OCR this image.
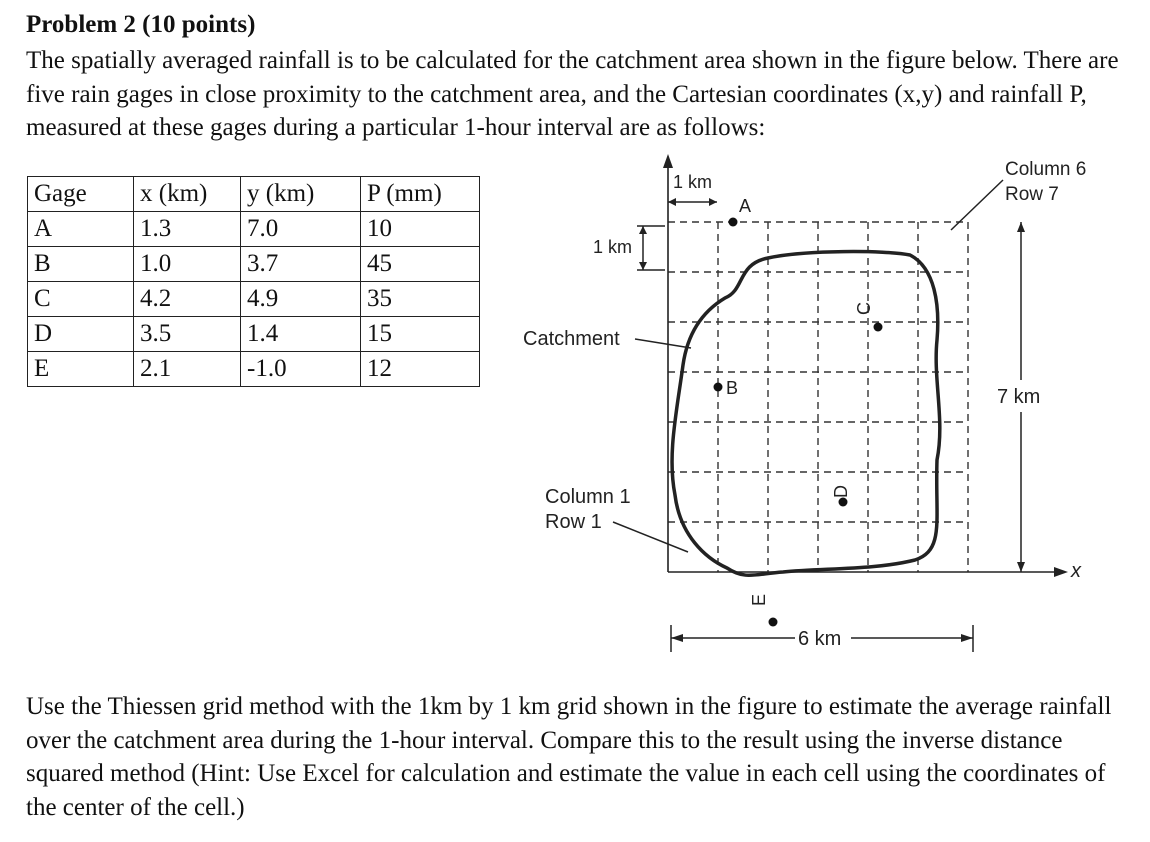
Problem 2 (10 points)
The spatially averaged rainfall is to be calculated for the catchment area shown in the figure below. There are five rain gages in close proximity to the catchment area, and the Cartesian coordinates (x,y) and rainfall P, measured at these gages during a particular 1-hour interval are as follows:
Gage	x (km)	y (km)	P (mm)
A	1.3	7.0	10
B	1.0	3.7	45
C	4.2	4.9	35
D	3.5	1.4	15
E	2.1	-1.0	12
1 km
1 km
Catchment
Column 6
Row 7
Column 1
Row 1
7 km
6 km
x
A
B
C
D
E
Use the Thiessen grid method with the 1km by 1 km grid shown in the figure to estimate the average rainfall over the catchment area during the 1-hour interval. Compare this to the result using the inverse distance squared method (Hint: Use Excel for calculation and estimate the value in each cell using the coordinates of the center of the cell.)
